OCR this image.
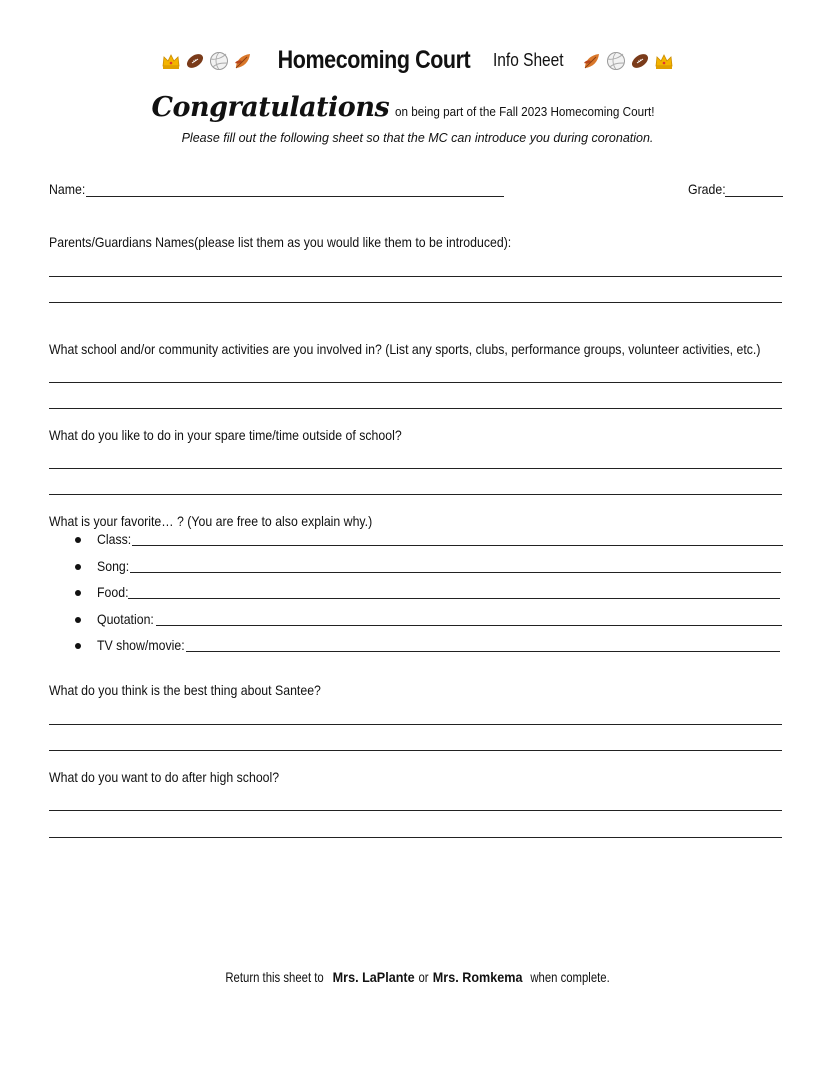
Homecoming Court Info Sheet
Congratulations on being part of the Fall 2023 Homecoming Court!
Please fill out the following sheet so that the MC can introduce you during coronation.
Name:	Grade:
Parents/Guardians Names(please list them as you would like them to be introduced):
What school and/or community activities are you involved in? (List any sports, clubs, performance groups, volunteer activities, etc.)
What do you like to do in your spare time/time outside of school?
What is your favorite… ? (You are free to also explain why.)
Class:
Song:
Food:
Quotation:
TV show/movie:
What do you think is the best thing about Santee?
What do you want to do after high school?
Return this sheet to Mrs. LaPlante or Mrs. Romkema when complete.
